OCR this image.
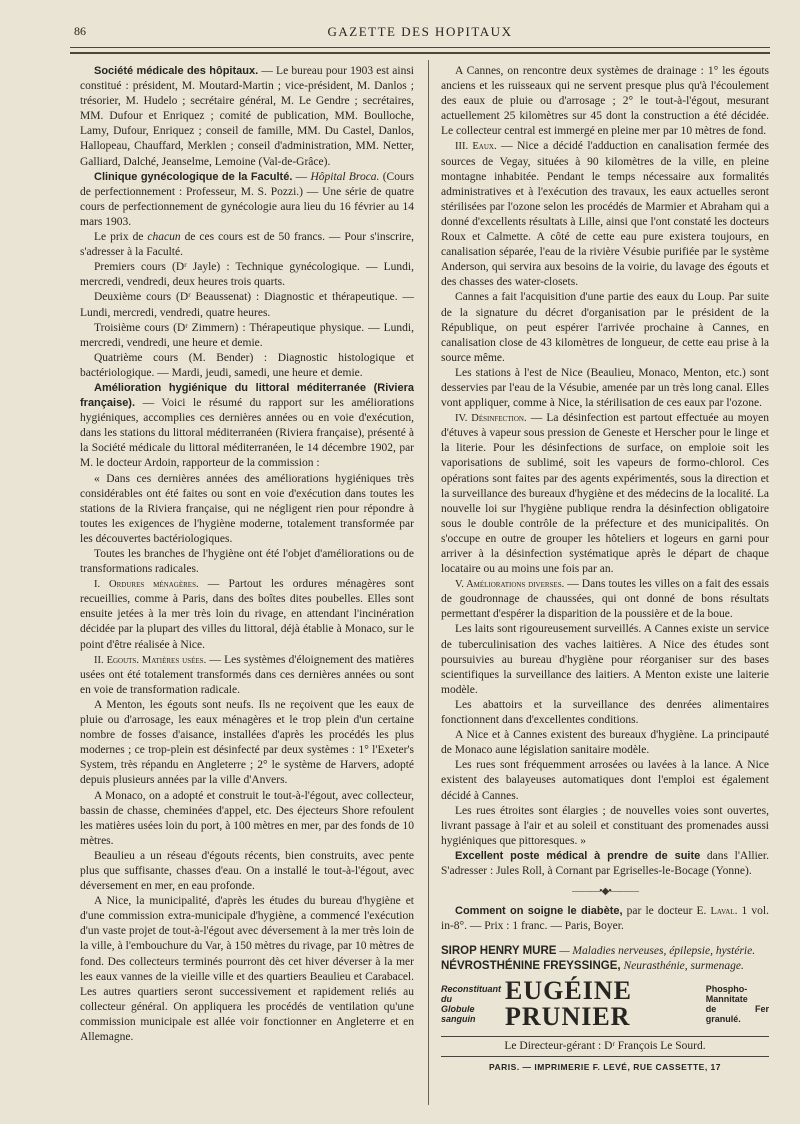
86	GAZETTE DES HOPITAUX

Société médicale des hôpitaux. — Le bureau pour 1903 est ainsi constitué : président, M. Moutard-Martin ; vice-président, M. Danlos ; trésorier, M. Hudelo ; secrétaire général, M. Le Gendre ; secrétaires, MM. Dufour et Enriquez ; comité de publication, MM. Boulloche, Lamy, Dufour, Enriquez ; conseil de famille, MM. Du Castel, Danlos, Hallopeau, Chauffard, Merklen ; conseil d'administration, MM. Netter, Galliard, Dalché, Jeanselme, Lemoine (Val-de-Grâce).

Clinique gynécologique de la Faculté. — Hôpital Broca. (Cours de perfectionnement : Professeur, M. S. Pozzi.) — Une série de quatre cours de perfectionnement de gynécologie aura lieu du 16 février au 14 mars 1903.

Le prix de chacun de ces cours est de 50 francs. — Pour s'inscrire, s'adresser à la Faculté.

Premiers cours (Dʳ Jayle) : Technique gynécologique. — Lundi, mercredi, vendredi, deux heures trois quarts.

Deuxième cours (Dʳ Beaussenat) : Diagnostic et thérapeutique. — Lundi, mercredi, vendredi, quatre heures.

Troisième cours (Dʳ Zimmern) : Thérapeutique physique. — Lundi, mercredi, vendredi, une heure et demie.

Quatrième cours (M. Bender) : Diagnostic histologique et bactériologique. — Mardi, jeudi, samedi, une heure et demie.

Amélioration hygiénique du littoral méditerranée (Riviera française). — Voici le résumé du rapport sur les améliorations hygiéniques, accomplies ces dernières années ou en voie d'exécution, dans les stations du littoral méditerranéen (Riviera française), présenté à la Société médicale du littoral méditerranéen, le 14 décembre 1902, par M. le docteur Ardoin, rapporteur de la commission :

« Dans ces dernières années des améliorations hygiéniques très considérables ont été faites ou sont en voie d'exécution dans toutes les stations de la Riviera française, qui ne négligent rien pour répondre à toutes les exigences de l'hygiène moderne, totalement transformée par les découvertes bactériologiques.

Toutes les branches de l'hygiène ont été l'objet d'améliorations ou de transformations radicales.

I. Ordures ménagères. — Partout les ordures ménagères sont recueillies, comme à Paris, dans des boîtes dites poubelles. Elles sont ensuite jetées à la mer très loin du rivage, en attendant l'incinération décidée par la plupart des villes du littoral, déjà établie à Monaco, sur le point d'être réalisée à Nice.

II. Egouts. Matières usées. — Les systèmes d'éloignement des matières usées ont été totalement transformés dans ces dernières années ou sont en voie de transformation radicale.

A Menton, les égouts sont neufs. Ils ne reçoivent que les eaux de pluie ou d'arrosage, les eaux ménagères et le trop plein d'un certaine nombre de fosses d'aisance, installées d'après les procédés les plus modernes ; ce trop-plein est désinfecté par deux systèmes : 1° l'Exeter's System, très répandu en Angleterre ; 2° le système de Harvers, adopté depuis plusieurs années par la ville d'Anvers.

A Monaco, on a adopté et construit le tout-à-l'égout, avec collecteur, bassin de chasse, cheminées d'appel, etc. Des éjecteurs Shore refoulent les matières usées loin du port, à 100 mètres en mer, par des fonds de 10 mètres.

Beaulieu a un réseau d'égouts récents, bien construits, avec pente plus que suffisante, chasses d'eau. On a installé le tout-à-l'égout, avec déversement en mer, en eau profonde.

A Nice, la municipalité, d'après les études du bureau d'hygiène et d'une commission extra-municipale d'hygiène, a commencé l'exécution d'un vaste projet de tout-à-l'égout avec déversement à la mer très loin de la ville, à l'embouchure du Var, à 150 mètres du rivage, par 10 mètres de fond. Des collecteurs terminés pourront dès cet hiver déverser à la mer les eaux vannes de la vieille ville et des quartiers Beaulieu et Carabacel. Les autres quartiers seront successivement et rapidement reliés au collecteur général. On appliquera les procédés de ventilation qu'une commission municipale est allée voir fonctionner en Angleterre et en Allemagne.

A Cannes, on rencontre deux systèmes de drainage : 1° les égouts anciens et les ruisseaux qui ne servent presque plus qu'à l'écoulement des eaux de pluie ou d'arrosage ; 2° le tout-à-l'égout, mesurant actuellement 25 kilomètres sur 45 dont la construction a été décidée. Le collecteur central est immergé en pleine mer par 10 mètres de fond.

III. Eaux. — Nice a décidé l'adduction en canalisation fermée des sources de Vegay, situées à 90 kilomètres de la ville, en pleine montagne inhabitée. Pendant le temps nécessaire aux formalités administratives et à l'exécution des travaux, les eaux actuelles seront stérilisées par l'ozone selon les procédés de Marmier et Abraham qui a donné d'excellents résultats à Lille, ainsi que l'ont constaté les docteurs Roux et Calmette. A côté de cette eau pure existera toujours, en canalisation séparée, l'eau de la rivière Vésubie purifiée par le système Anderson, qui servira aux besoins de la voirie, du lavage des égouts et des chasses des water-closets.

Cannes a fait l'acquisition d'une partie des eaux du Loup. Par suite de la signature du décret d'organisation par le président de la République, on peut espérer l'arrivée prochaine à Cannes, en canalisation close de 43 kilomètres de longueur, de cette eau prise à la source même.

Les stations à l'est de Nice (Beaulieu, Monaco, Menton, etc.) sont desservies par l'eau de la Vésubie, amenée par un très long canal. Elles vont appliquer, comme à Nice, la stérilisation de ces eaux par l'ozone.

IV. Désinfection. — La désinfection est partout effectuée au moyen d'étuves à vapeur sous pression de Geneste et Herscher pour le linge et la literie. Pour les désinfections de surface, on emploie soit les vaporisations de sublimé, soit les vapeurs de formo-chlorol. Ces opérations sont faites par des agents expérimentés, sous la direction et la surveillance des bureaux d'hygiène et des médecins de la localité. La nouvelle loi sur l'hygiène publique rendra la désinfection obligatoire sous le double contrôle de la préfecture et des municipalités. On s'occupe en outre de grouper les hôteliers et logeurs en garni pour arriver à la désinfection systématique après le départ de chaque locataire ou au moins une fois par an.

V. Améliorations diverses. — Dans toutes les villes on a fait des essais de goudronnage de chaussées, qui ont donné de bons résultats permettant d'espérer la disparition de la poussière et de la boue.

Les laits sont rigoureusement surveillés. A Cannes existe un service de tuberculinisation des vaches laitières. A Nice des études sont poursuivies au bureau d'hygiène pour réorganiser sur des bases scientifiques la surveillance des laitiers. A Menton existe une laiterie modèle.

Les abattoirs et la surveillance des denrées alimentaires fonctionnent dans d'excellentes conditions.

A Nice et à Cannes existent des bureaux d'hygiène. La principauté de Monaco aune législation sanitaire modèle.

Les rues sont fréquemment arrosées ou lavées à la lance. A Nice existent des balayeuses automatiques dont l'emploi est également décidé à Cannes.

Les rues étroites sont élargies ; de nouvelles voies sont ouvertes, livrant passage à l'air et au soleil et constituant des promenades aussi hygiéniques que pittoresques. »

Excellent poste médical à prendre de suite dans l'Allier. S'adresser : Jules Roll, à Cornant par Egriselles-le-Bocage (Yonne).

———•◆•———

Comment on soigne le diabète, par le docteur E. Laval. 1 vol. in-8°. — Prix : 1 franc. — Paris, Boyer.

SIROP HENRY MURE — Maladies nerveuses, épilepsie, hystérie.

NÉVROSTHÉNINE FREYSSINGE, Neurasthénie, surmenage.

Reconstituant du
Globule sanguin
EUGÉINE PRUNIER
Phospho-Mannitate
de Fer granulé.
Le Directeur-gérant : Dʳ François Le Sourd.
PARIS. — IMPRIMERIE F. LEVÉ, RUE CASSETTE, 17
